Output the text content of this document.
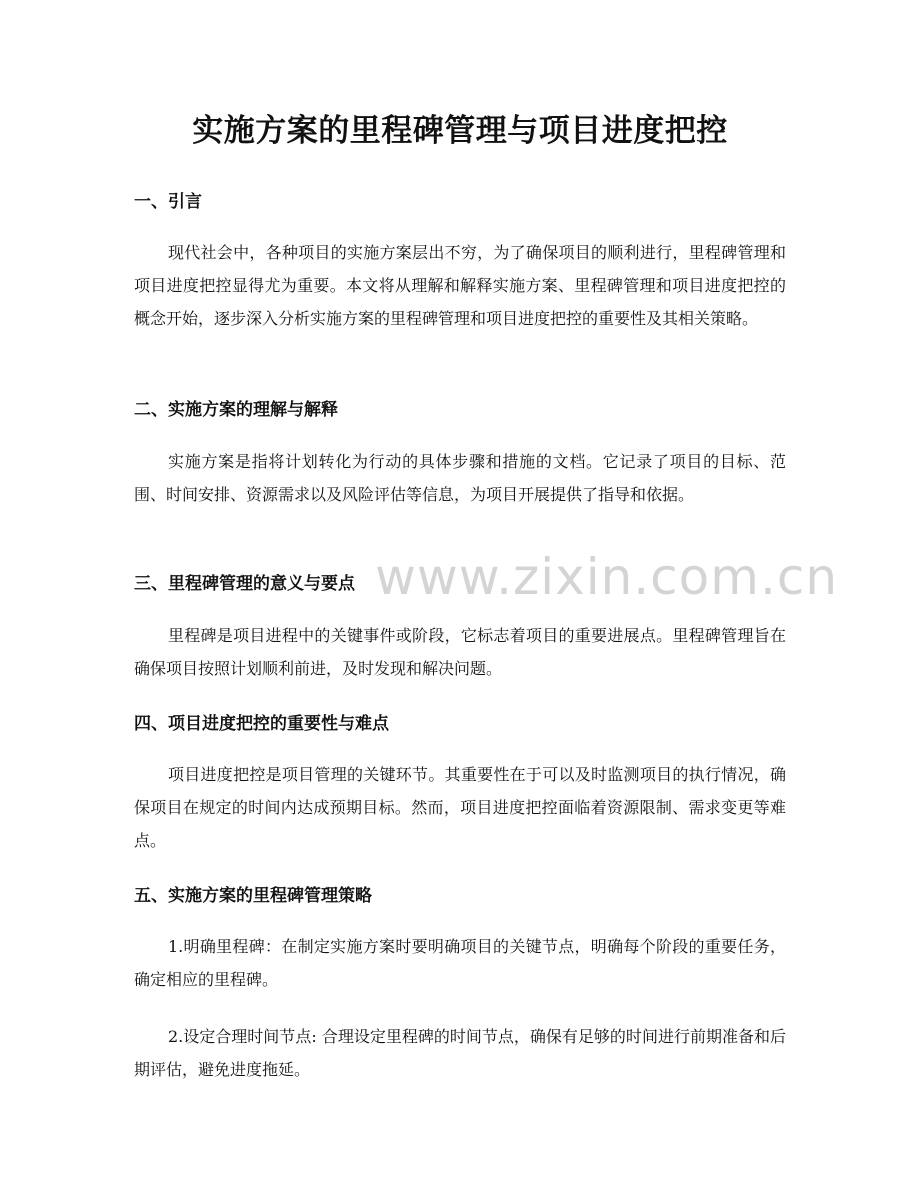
实施方案的里程碑管理与项目进度把控
一、引言

现代社会中，各种项目的实施方案层出不穷，为了确保项目的顺利进行，里程碑管理和项目进度把控显得尤为重要。本文将从理解和解释实施方案、里程碑管理和项目进度把控的概念开始，逐步深入分析实施方案的里程碑管理和项目进度把控的重要性及其相关策略。

二、实施方案的理解与解释

实施方案是指将计划转化为行动的具体步骤和措施的文档。它记录了项目的目标、范围、时间安排、资源需求以及风险评估等信息，为项目开展提供了指导和依据。

三、里程碑管理的意义与要点

里程碑是项目进程中的关键事件或阶段，它标志着项目的重要进展点。里程碑管理旨在确保项目按照计划顺利前进，及时发现和解决问题。

四、项目进度把控的重要性与难点

项目进度把控是项目管理的关键环节。其重要性在于可以及时监测项目的执行情况，确保项目在规定的时间内达成预期目标。然而，项目进度把控面临着资源限制、需求变更等难点。

五、实施方案的里程碑管理策略

1.明确里程碑：在制定实施方案时要明确项目的关键节点，明确每个阶段的重要任务，确定相应的里程碑。

2.设定合理时间节点: 合理设定里程碑的时间节点，确保有足够的时间进行前期准备和后期评估，避免进度拖延。

www.zixin.com.cn
